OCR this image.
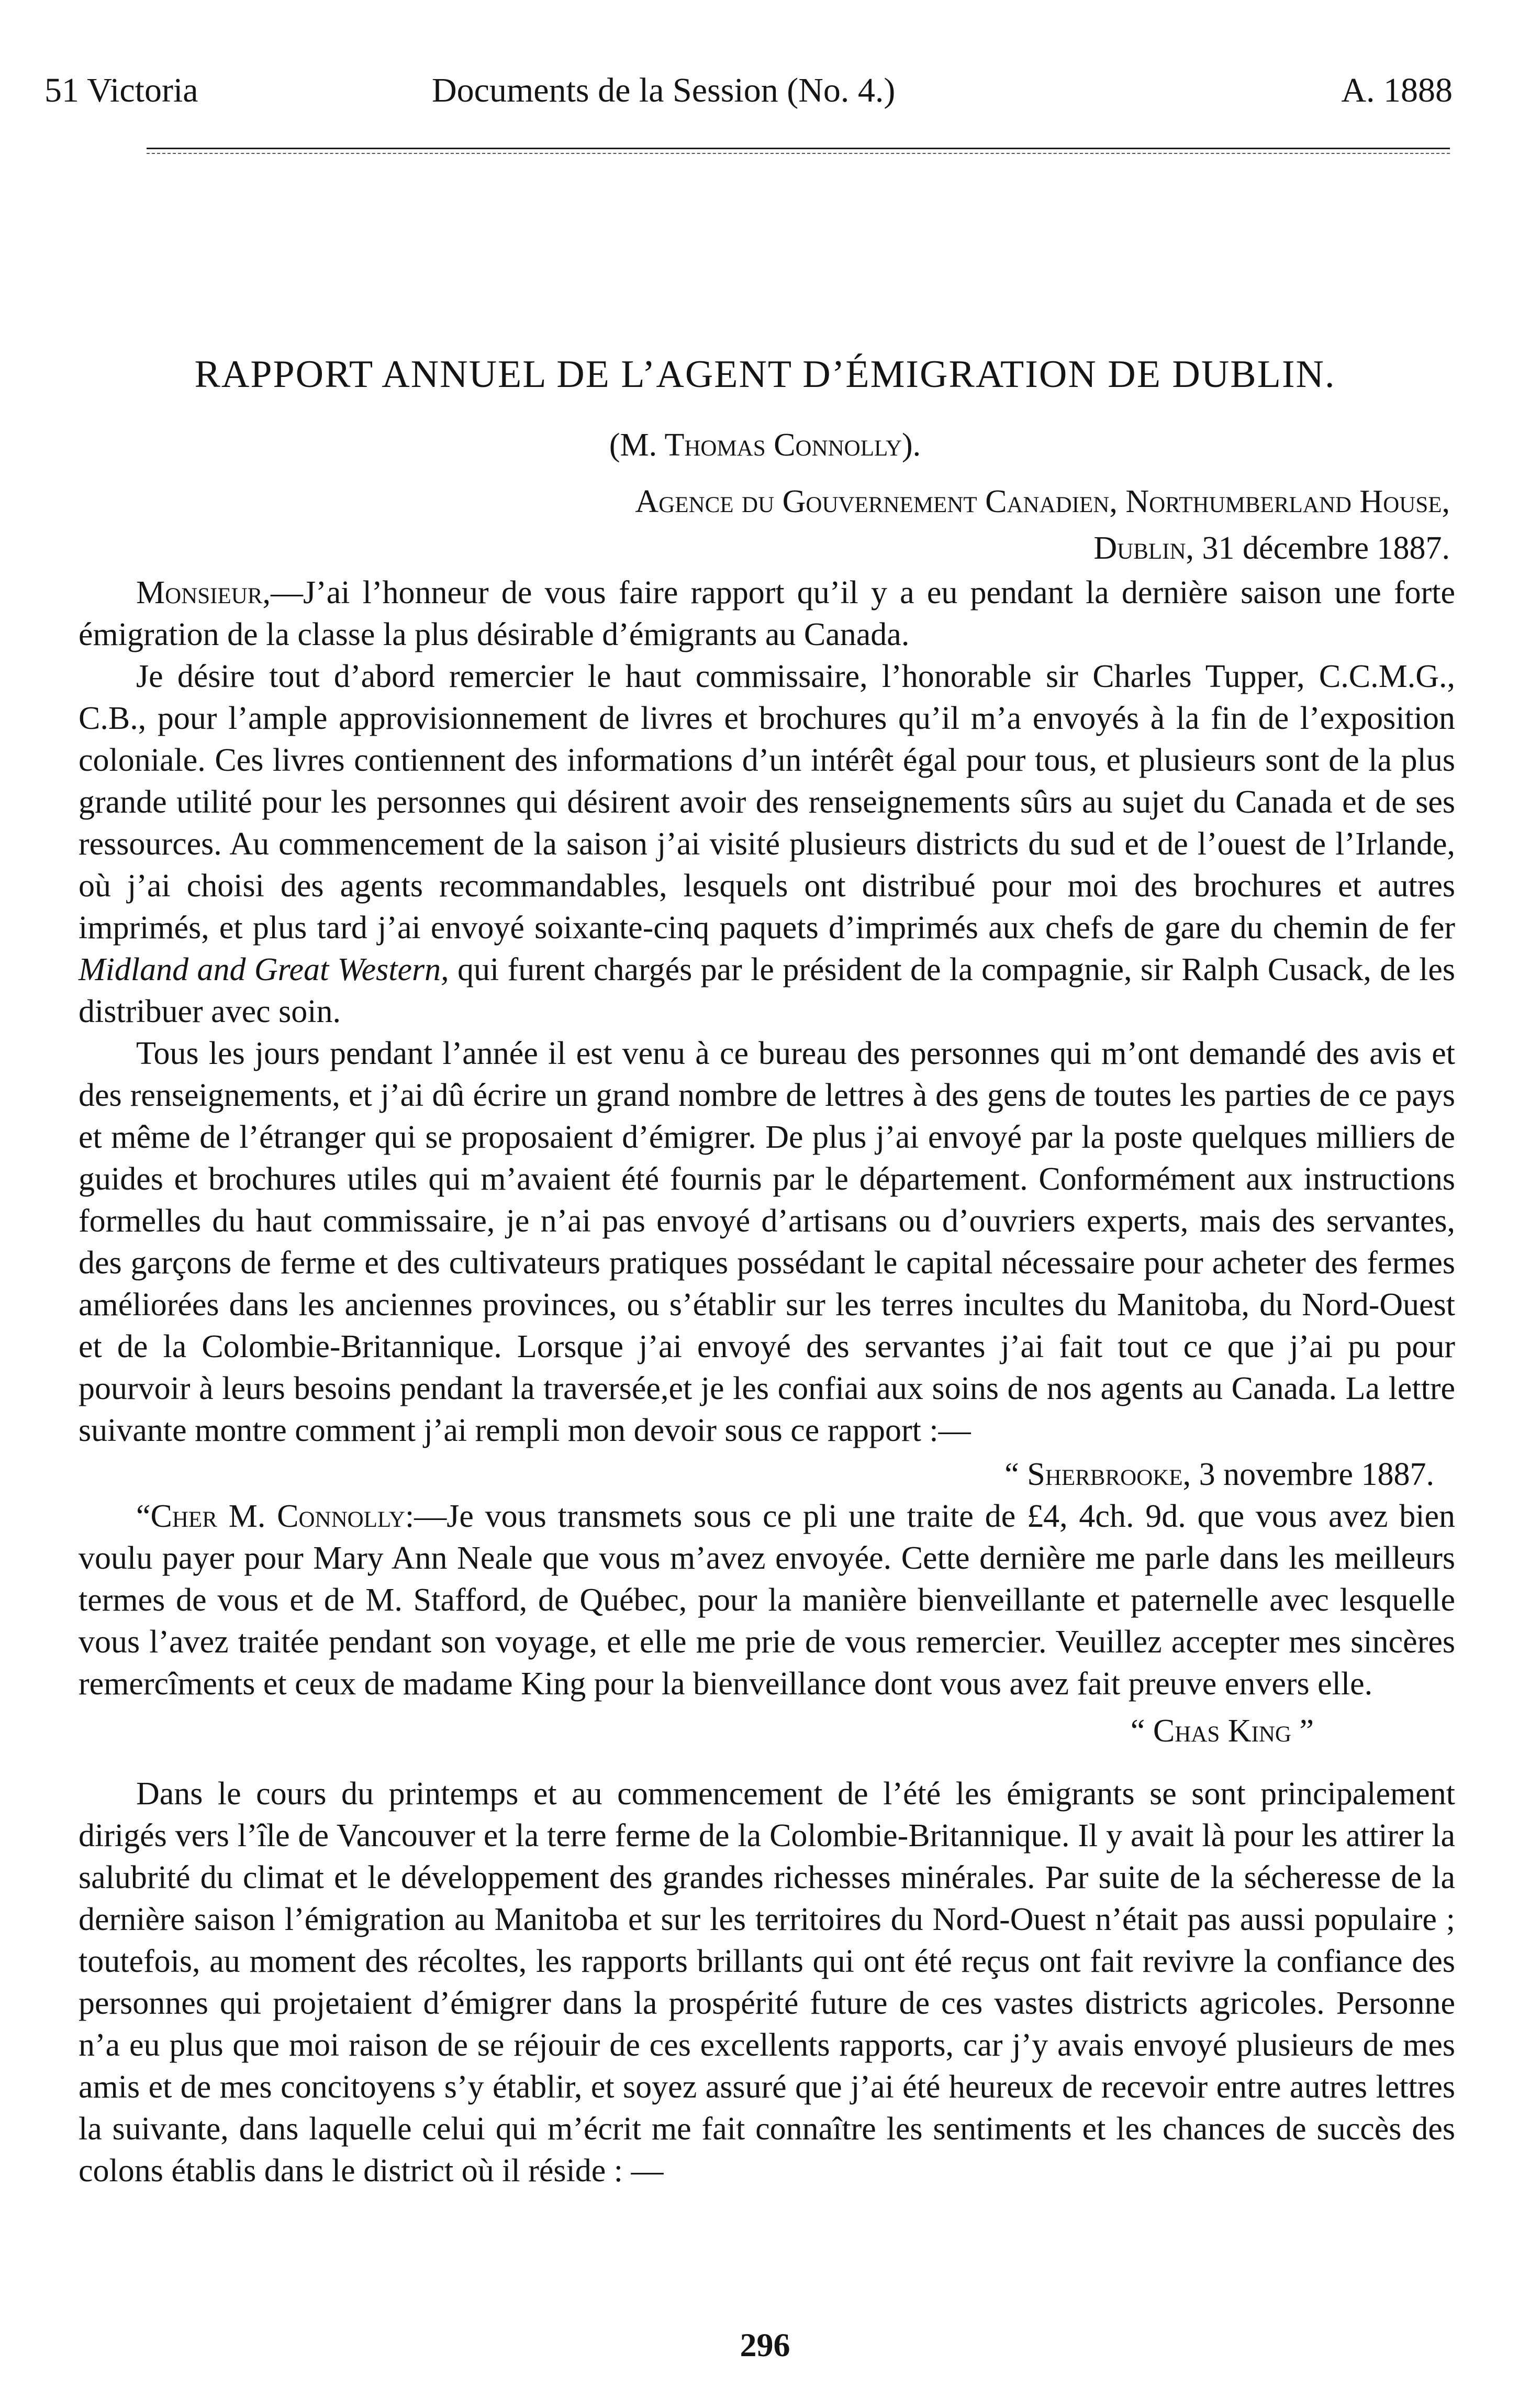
51 Victoria	Documents de la Session (No. 4.)	A. 1888
RAPPORT ANNUEL DE L’AGENT D’ÉMIGRATION DE DUBLIN.
(M. Thomas Connolly).
Agence du Gouvernement Canadien, Northumberland House,
Dublin, 31 décembre 1887.

Monsieur,—J’ai l’honneur de vous faire rapport qu’il y a eu pendant la dernière saison une forte émigration de la classe la plus désirable d’émigrants au Canada.

Je désire tout d’abord remercier le haut commissaire, l’honorable sir Charles Tupper, C.C.M.G., C.B., pour l’ample approvisionnement de livres et brochures qu’il m’a envoyés à la fin de l’exposition coloniale. Ces livres contiennent des informations d’un intérêt égal pour tous, et plusieurs sont de la plus grande utilité pour les personnes qui désirent avoir des renseignements sûrs au sujet du Canada et de ses ressources. Au commencement de la saison j’ai visité plusieurs districts du sud et de l’ouest de l’Irlande, où j’ai choisi des agents recommandables, lesquels ont distribué pour moi des brochures et autres imprimés, et plus tard j’ai envoyé soixante-cinq paquets d’imprimés aux chefs de gare du chemin de fer Midland and Great Western, qui furent chargés par le président de la compagnie, sir Ralph Cusack, de les distribuer avec soin.

Tous les jours pendant l’année il est venu à ce bureau des personnes qui m’ont demandé des avis et des renseignements, et j’ai dû écrire un grand nombre de lettres à des gens de toutes les parties de ce pays et même de l’étranger qui se proposaient d’émigrer. De plus j’ai envoyé par la poste quelques milliers de guides et brochures utiles qui m’avaient été fournis par le département. Conformément aux instructions formelles du haut commissaire, je n’ai pas envoyé d’artisans ou d’ouvriers experts, mais des servantes, des garçons de ferme et des cultivateurs pratiques possédant le capital nécessaire pour acheter des fermes améliorées dans les anciennes provinces, ou s’établir sur les terres incultes du Manitoba, du Nord-Ouest et de la Colombie-Britannique. Lorsque j’ai envoyé des servantes j’ai fait tout ce que j’ai pu pour pourvoir à leurs besoins pendant la traversée,et je les confiai aux soins de nos agents au Canada. La lettre suivante montre comment j’ai rempli mon devoir sous ce rapport :—

“ Sherbrooke, 3 novembre 1887.

“Cher M. Connolly:—Je vous transmets sous ce pli une traite de £4, 4ch. 9d. que vous avez bien voulu payer pour Mary Ann Neale que vous m’avez envoyée. Cette dernière me parle dans les meilleurs termes de vous et de M. Stafford, de Québec, pour la manière bienveillante et paternelle avec lesquelle vous l’avez traitée pendant son voyage, et elle me prie de vous remercier. Veuillez accepter mes sincères remercîments et ceux de madame King pour la bienveillance dont vous avez fait preuve envers elle.

“ Chas King ”

Dans le cours du printemps et au commencement de l’été les émigrants se sont principalement dirigés vers l’île de Vancouver et la terre ferme de la Colombie-Britannique. Il y avait là pour les attirer la salubrité du climat et le développement des grandes richesses minérales. Par suite de la sécheresse de la dernière saison l’émigration au Manitoba et sur les territoires du Nord-Ouest n’était pas aussi populaire ; toutefois, au moment des récoltes, les rapports brillants qui ont été reçus ont fait revivre la confiance des personnes qui projetaient d’émigrer dans la prospérité future de ces vastes districts agricoles. Personne n’a eu plus que moi raison de se réjouir de ces excellents rapports, car j’y avais envoyé plusieurs de mes amis et de mes concitoyens s’y établir, et soyez assuré que j’ai été heureux de recevoir entre autres lettres la suivante, dans laquelle celui qui m’écrit me fait connaître les sentiments et les chances de succès des colons établis dans le district où il réside : —

296
